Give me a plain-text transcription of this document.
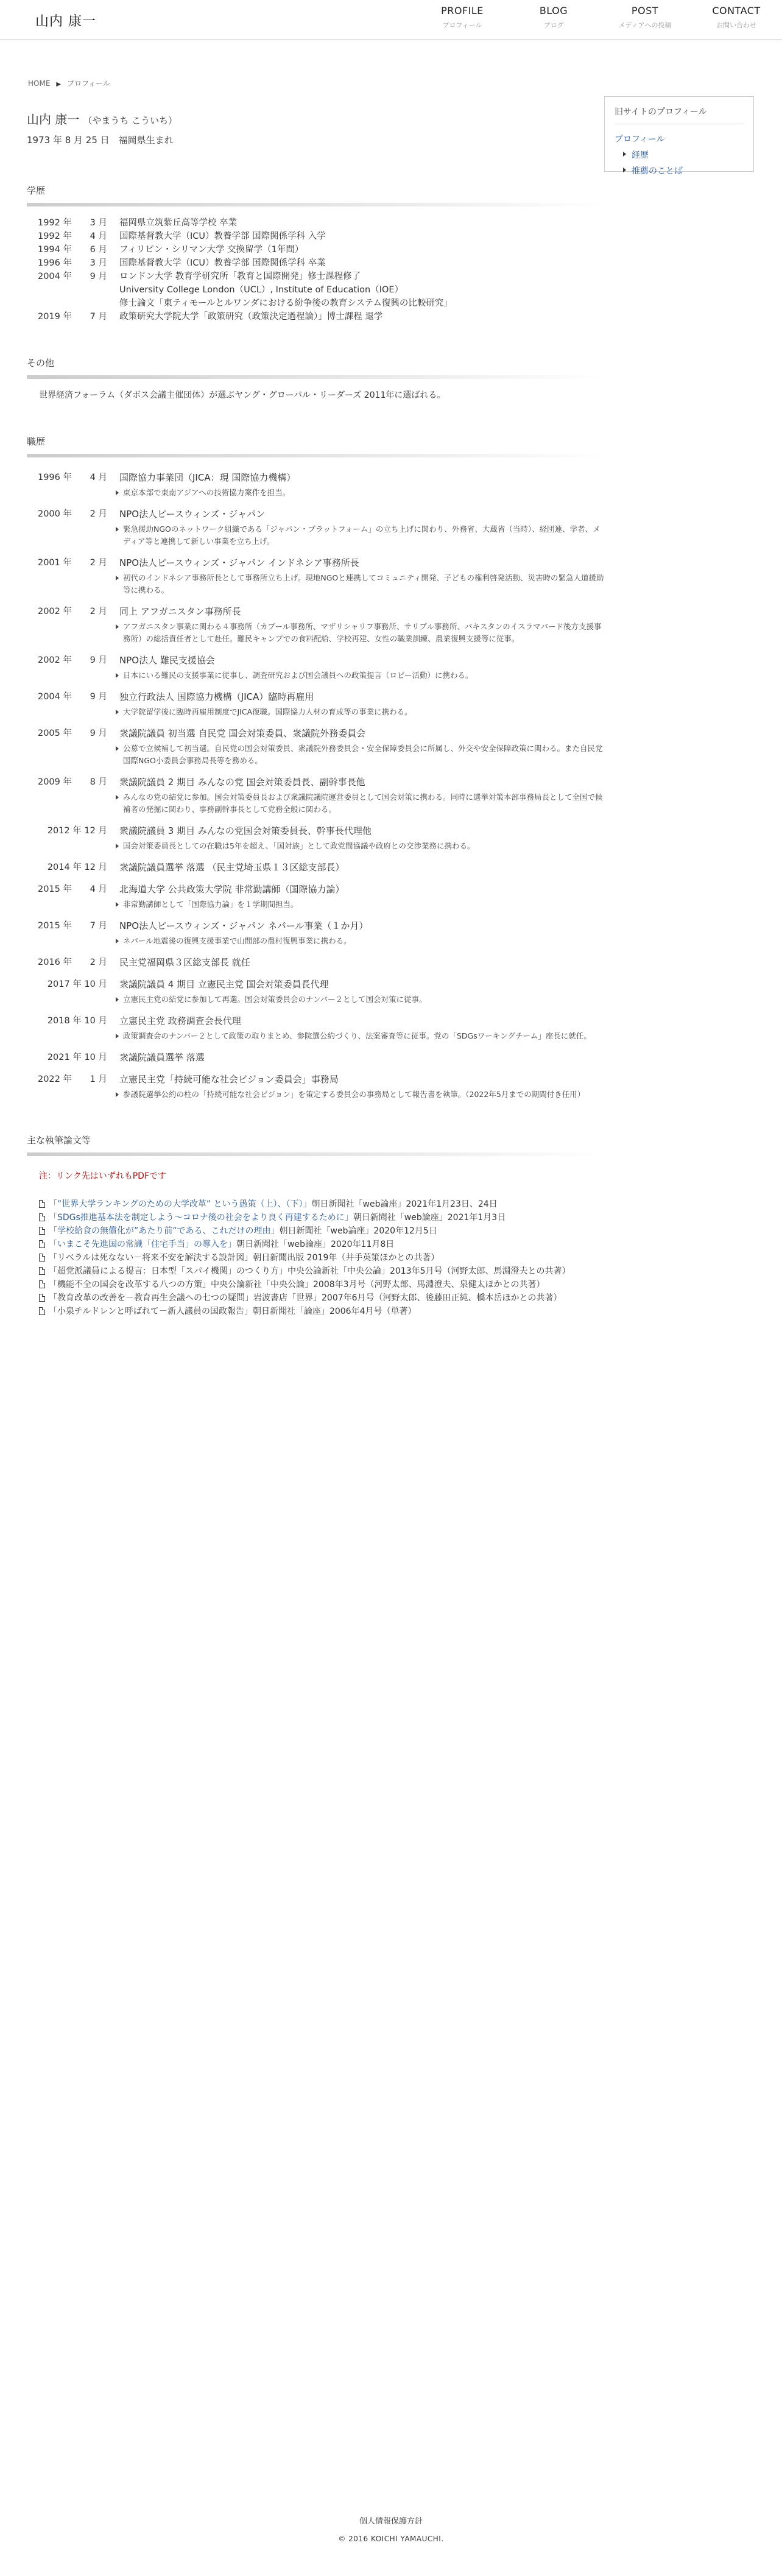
山内 康一
PROFILE
プロフィール
BLOG
ブログ
POST
メディアへの投稿
CONTACT
お問い合わせ
HOME ▶ プロフィール
山内 康一 （やまうち こういち）
1973 年 8 月 25 日　福岡県生まれ
学歴
1992 年	3 月 福岡県立筑紫丘高等学校 卒業
1992 年	4 月 国際基督教大学（ICU）教養学部 国際関係学科 入学
1994 年	6 月 フィリピン・シリマン大学 交換留学（1年間）
1996 年	3 月 国際基督教大学（ICU）教養学部 国際関係学科 卒業
2004 年	9 月 ロンドン大学 教育学研究所「教育と国際開発」修士課程修了
University College London（UCL）, Institute of Education（IOE）
修士論文「東ティモールとルワンダにおける紛争後の教育システム復興の比較研究」
2019 年	7 月 政策研究大学院大学「政策研究（政策決定過程論）」博士課程 退学
その他
世界経済フォーラム（ダボス会議主催団体）が選ぶヤング・グローバル・リーダーズ 2011年に選ばれる。
職歴
1996 年	4 月 国際協力事業団（JICA：現 国際協力機構）
東京本部で東南アジアへの技術協力案件を担当。
2000 年	2 月 NPO法人ピースウィンズ・ジャパン
緊急援助NGOのネットワーク組織である「ジャパン・プラットフォーム」の立ち上げに関わり、外務省、大蔵省（当時）、経団連、学者、メディア等と連携して新しい事業を立ち上げ。
2001 年	2 月 NPO法人ピースウィンズ・ジャパン インドネシア事務所長
初代のインドネシア事務所長として事務所立ち上げ。現地NGOと連携してコミュニティ開発、子どもの権利啓発活動、災害時の緊急人道援助等に携わる。
2002 年	2 月 同上 アフガニスタン事務所長
アフガニスタン事業に関わる４事務所（カブール事務所、マザリシャリフ事務所、サリプル事務所、パキスタンのイスラマバード後方支援事務所）の総括責任者として赴任。難民キャンプでの食料配給、学校再建、女性の職業訓練、農業復興支援等に従事。
2002 年	9 月 NPO法人 難民支援協会
日本にいる難民の支援事業に従事し、調査研究および国会議員への政策提言（ロビー活動）に携わる。
2004 年	9 月 独立行政法人 国際協力機構（JICA）臨時再雇用
大学院留学後に臨時再雇用制度でJICA復職。国際協力人材の育成等の事業に携わる。
2005 年	9 月 衆議院議員 初当選 自民党 国会対策委員、衆議院外務委員会
公募で立候補して初当選。自民党の国会対策委員、衆議院外務委員会・安全保障委員会に所属し、外交や安全保障政策に関わる。また自民党国際NGO小委員会事務局長等を務める。
2009 年	8 月 衆議院議員 2 期目 みんなの党 国会対策委員長、副幹事長他
みんなの党の結党に参加。国会対策委員長および衆議院議院運営委員として国会対策に携わる。同時に選挙対策本部事務局長として全国で候補者の発掘に関わり、事務副幹事長として党務全般に関わる。
2012 年 12 月 衆議院議員 3 期目 みんなの党国会対策委員長、幹事長代理他
国会対策委員長としての在職は5年を超え、「国対族」として政党間協議や政府との交渉業務に携わる。
2014 年 12 月 衆議院議員選挙 落選 （民主党埼玉県１３区総支部長）
2015 年	4 月 北海道大学 公共政策大学院 非常勤講師（国際協力論）
非常勤講師として「国際協力論」を１学期間担当。
2015 年	7 月 NPO法人ピースウィンズ・ジャパン ネパール事業（１か月）
ネパール地震後の復興支援事業で山間部の農村復興事業に携わる。
2016 年	2 月 民主党福岡県３区総支部長 就任
2017 年 10 月 衆議院議員 4 期目 立憲民主党 国会対策委員長代理
立憲民主党の結党に参加して再選。国会対策委員会のナンバー２として国会対策に従事。
2018 年 10 月 立憲民主党 政務調査会長代理
政策調査会のナンバー２として政策の取りまとめ、参院選公約づくり、法案審査等に従事。党の「SDGsワーキングチーム」座長に就任。
2021 年 10 月 衆議院議員選挙 落選
2022 年	1 月 立憲民主党「持続可能な社会ビジョン委員会」事務局
参議院選挙公約の柱の「持続可能な社会ビジョン」を策定する委員会の事務局として報告書を執筆。（2022年5月までの期間付き任用）
主な執筆論文等
注：リンク先はいずれもPDFです
「”世界大学ランキングのための大学改革” という愚策（上）、（下）」朝日新聞社「web論座」2021年1月23日、24日
「SDGs推進基本法を制定しよう～コロナ後の社会をより良く再建するために」朝日新聞社「web論座」2021年1月3日
「学校給食の無償化が”あたり前”である、これだけの理由」朝日新聞社「web論座」2020年12月5日
「いまこそ先進国の常識「住宅手当」の導入を」朝日新聞社「web論座」2020年11月8日
「リベラルは死なない－将来不安を解決する設計図」朝日新聞出版 2019年（井手英策ほかとの共著）
「超党派議員による提言：日本型「スパイ機関」のつくり方」中央公論新社「中央公論」2013年5月号（河野太郎、馬淵澄夫との共著）
「機能不全の国会を改革する八つの方策」中央公論新社「中央公論」2008年3月号（河野太郎、馬淵澄夫、泉健太ほかとの共著）
「教育改革の改善を－教育再生会議への七つの疑問」岩波書店「世界」2007年6月号（河野太郎、後藤田正純、橋本岳ほかとの共著）
「小泉チルドレンと呼ばれて－新人議員の国政報告」朝日新聞社「論座」2006年4月号（単著）
旧サイトのプロフィール
プロフィール
経歴
推薦のことば
個人情報保護方針
© 2016 KOICHI YAMAUCHI.
